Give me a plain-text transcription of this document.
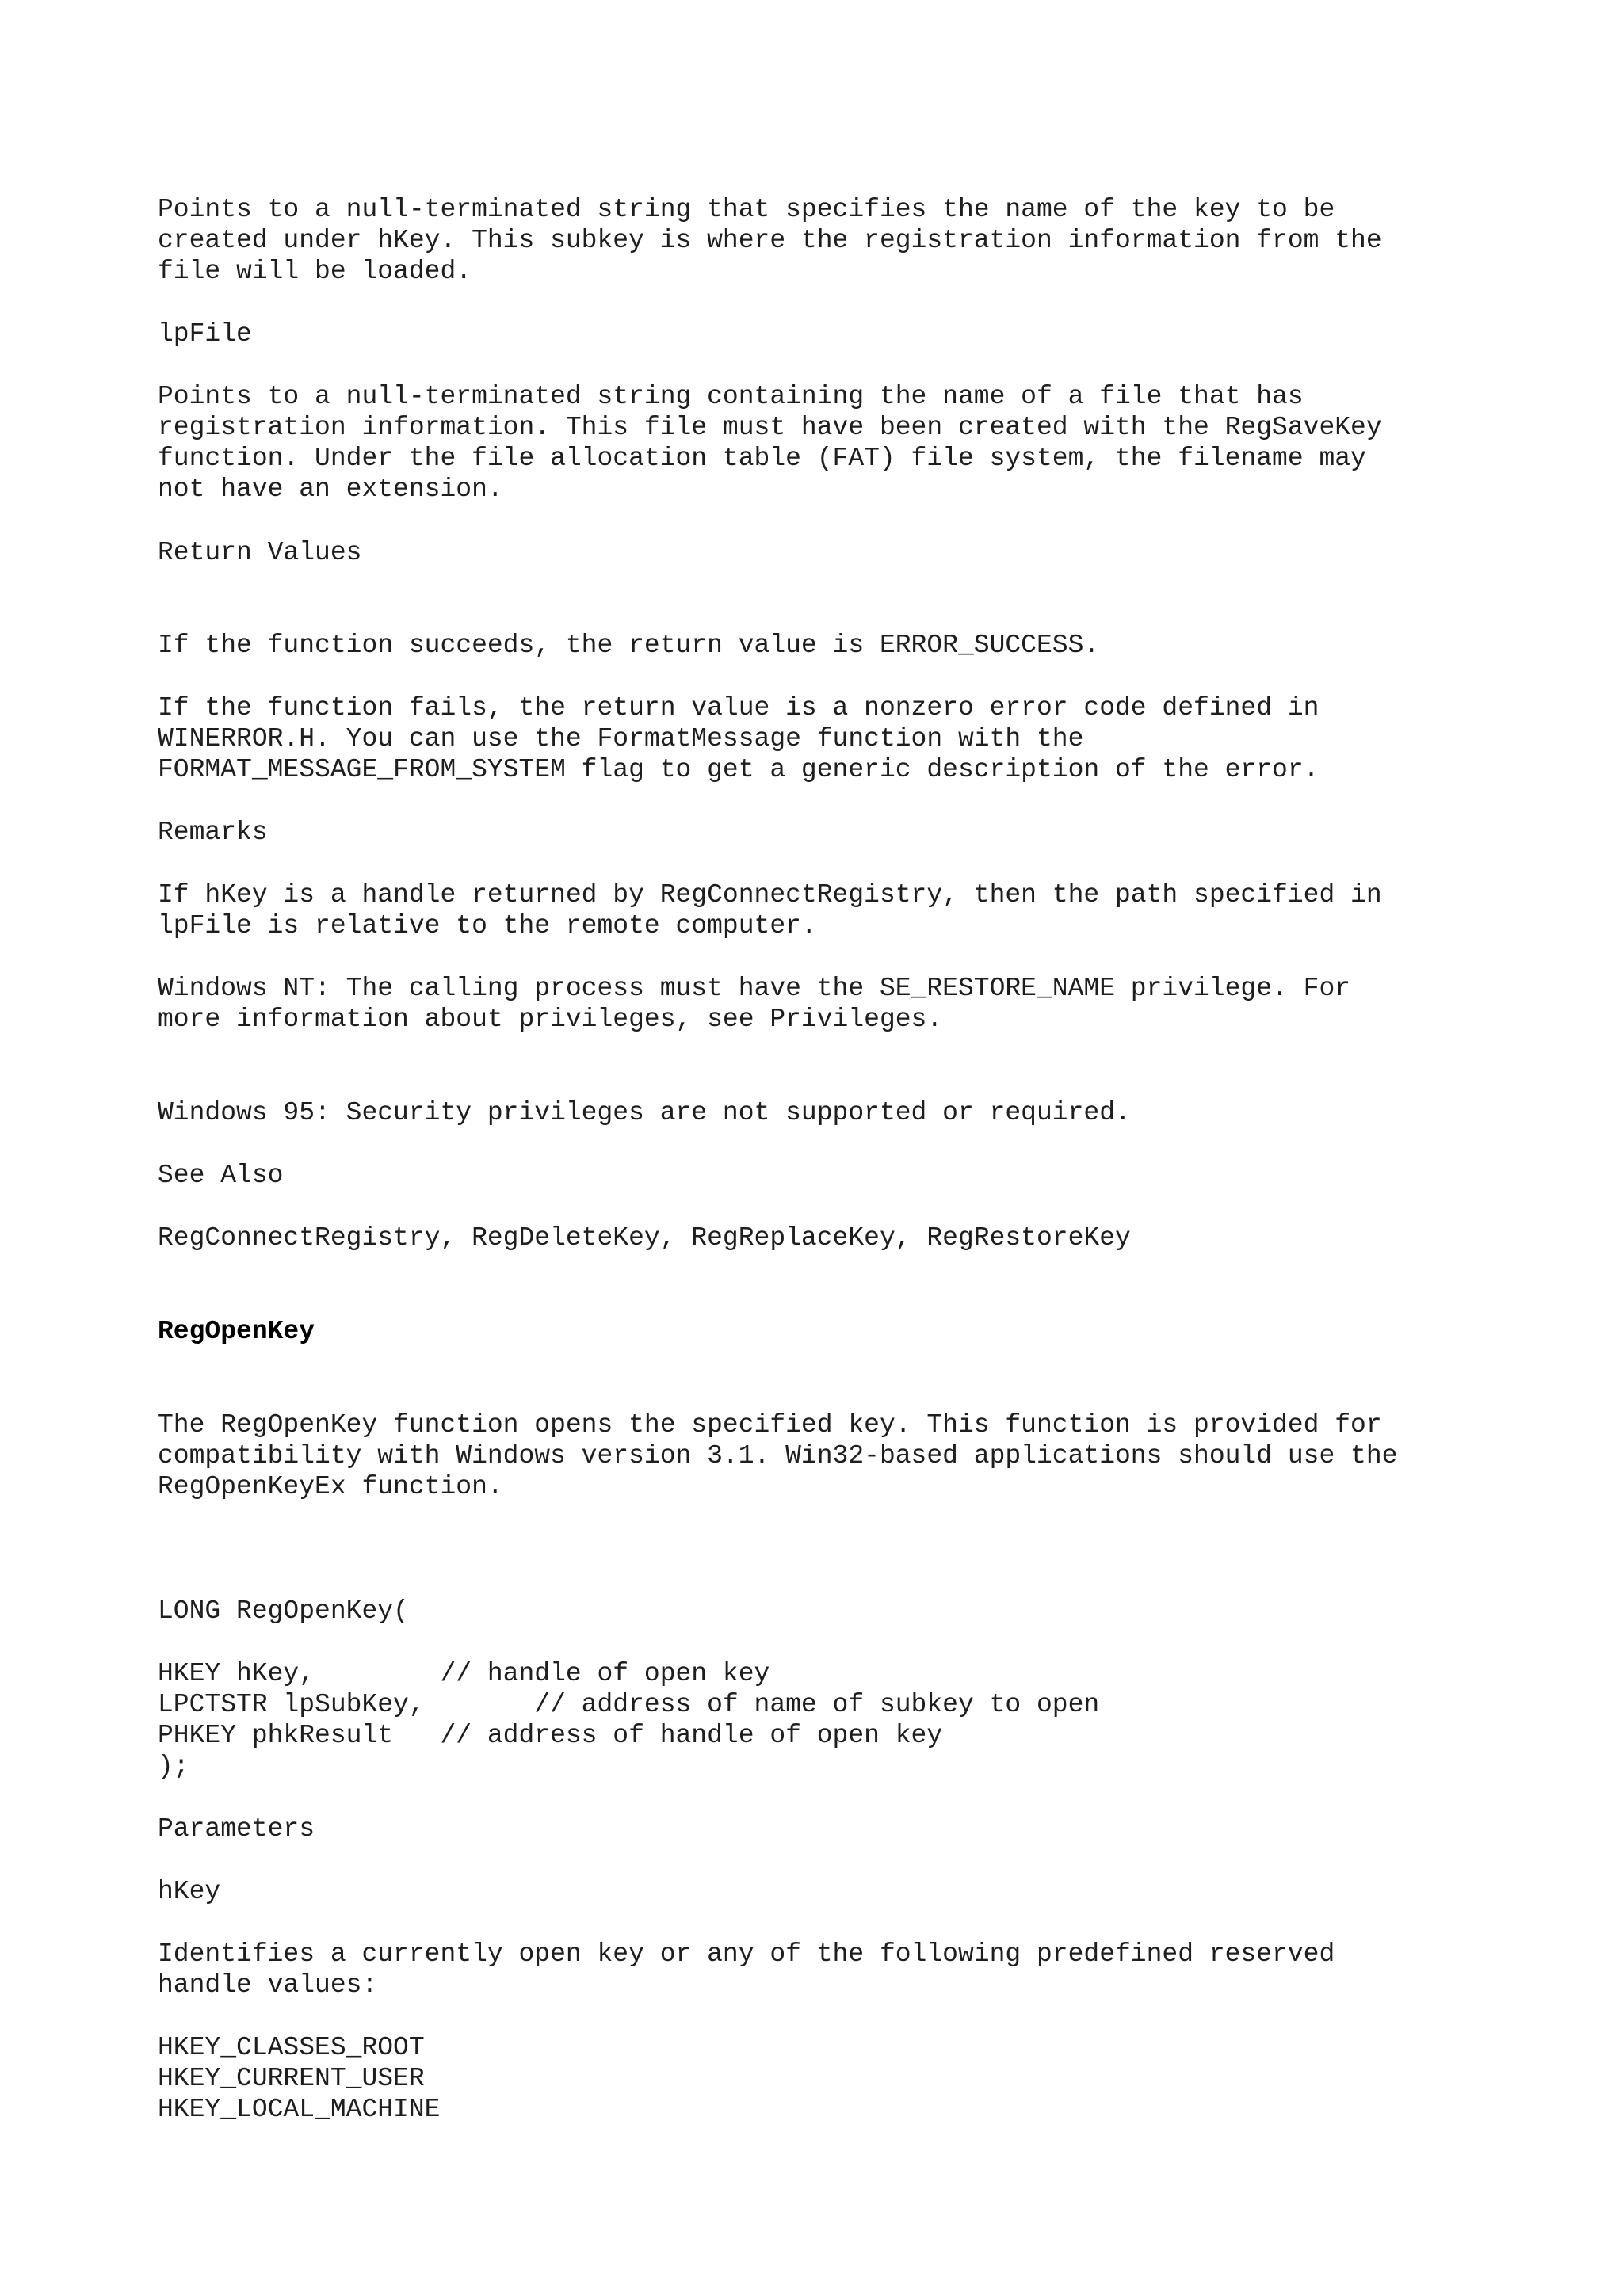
Points to a null-terminated string that specifies the name of the key to be

created under hKey. This subkey is where the registration information from the

file will be loaded.

lpFile

Points to a null-terminated string containing the name of a file that has

registration information. This file must have been created with the RegSaveKey

function. Under the file allocation table (FAT) file system, the filename may

not have an extension.

Return Values

If the function succeeds, the return value is ERROR_SUCCESS.

If the function fails, the return value is a nonzero error code defined in

WINERROR.H. You can use the FormatMessage function with the

FORMAT_MESSAGE_FROM_SYSTEM flag to get a generic description of the error.

Remarks

If hKey is a handle returned by RegConnectRegistry, then the path specified in

lpFile is relative to the remote computer.

Windows NT: The calling process must have the SE_RESTORE_NAME privilege. For

more information about privileges, see Privileges.

Windows 95: Security privileges are not supported or required.

See Also

RegConnectRegistry, RegDeleteKey, RegReplaceKey, RegRestoreKey

RegOpenKey

The RegOpenKey function opens the specified key. This function is provided for

compatibility with Windows version 3.1. Win32-based applications should use the

RegOpenKeyEx function.

LONG RegOpenKey(

HKEY hKey,        // handle of open key

LPCTSTR lpSubKey,       // address of name of subkey to open

PHKEY phkResult   // address of handle of open key

);

Parameters

hKey

Identifies a currently open key or any of the following predefined reserved

handle values:

HKEY_CLASSES_ROOT

HKEY_CURRENT_USER

HKEY_LOCAL_MACHINE
